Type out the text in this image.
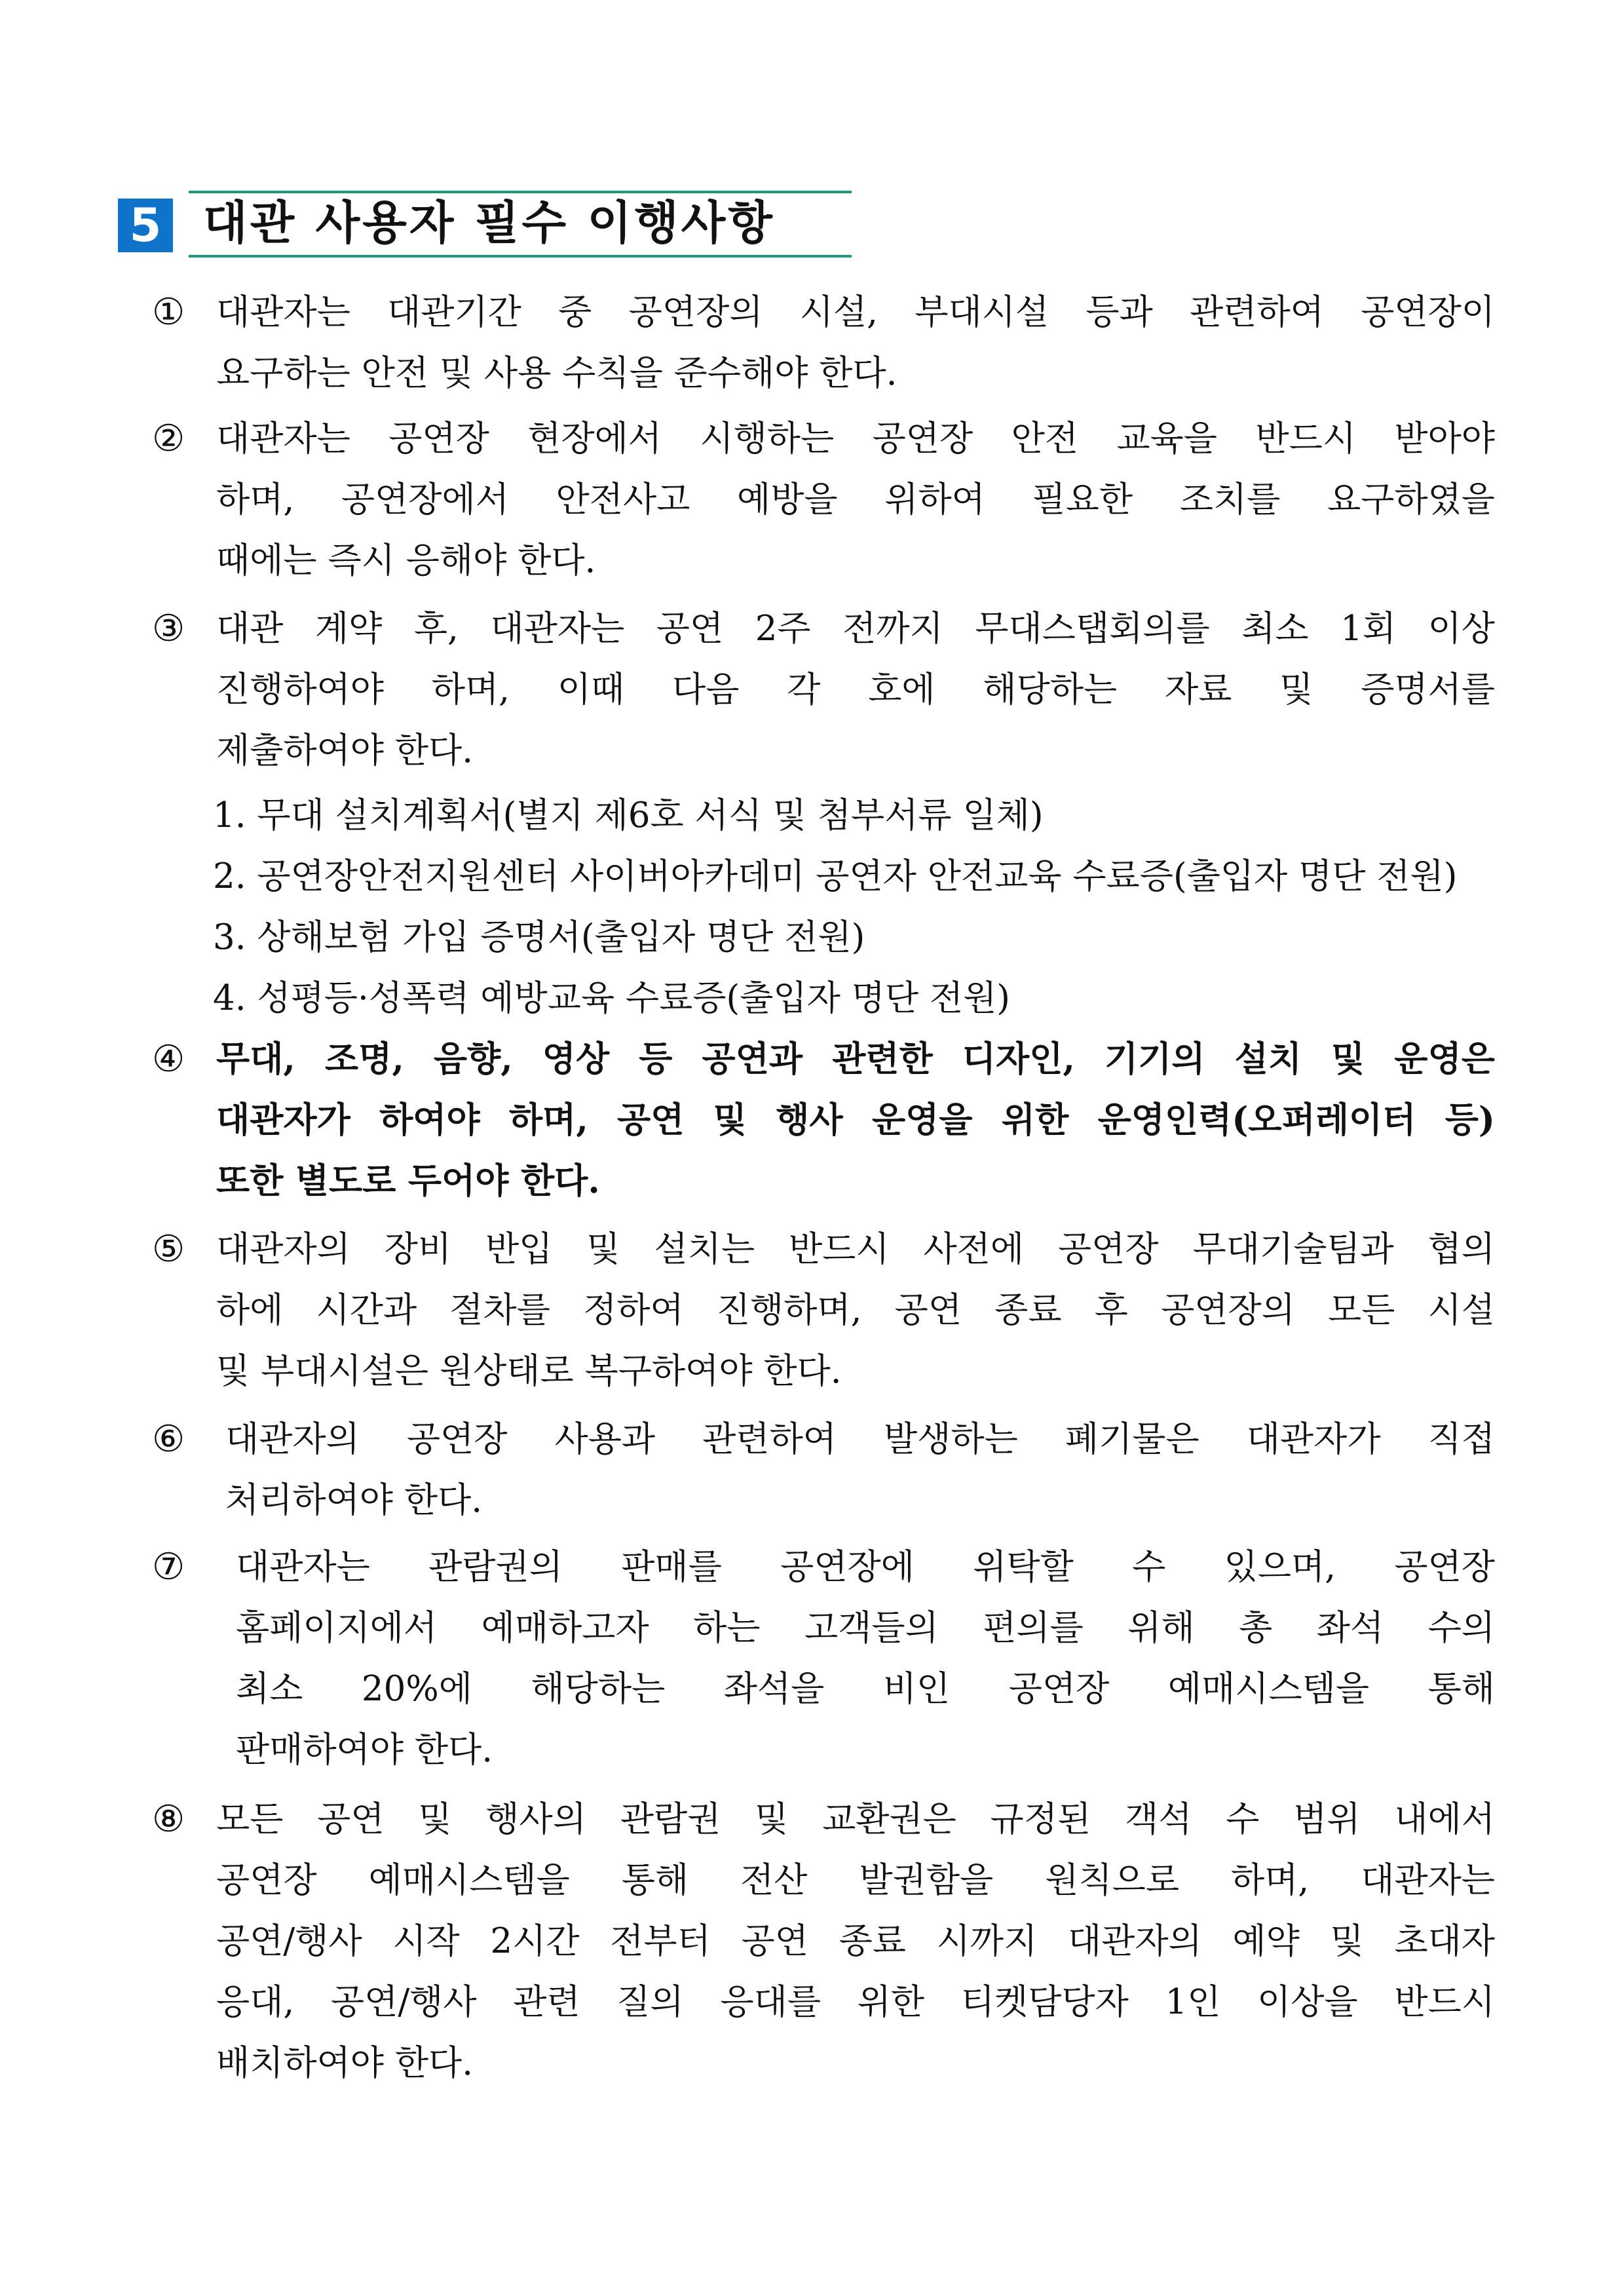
5 대관 사용자 필수 이행사항
① 대관자는 대관기간 중 공연장의 시설, 부대시설 등과 관련하여 공연장이
요구하는 안전 및 사용 수칙을 준수해야 한다.
② 대관자는 공연장 현장에서 시행하는 공연장 안전 교육을 반드시 받아야
하며, 공연장에서 안전사고 예방을 위하여 필요한 조치를 요구하였을
때에는 즉시 응해야 한다.
③ 대관 계약 후, 대관자는 공연 2주 전까지 무대스탭회의를 최소 1회 이상
진행하여야 하며, 이때 다음 각 호에 해당하는 자료 및 증명서를
제출하여야 한다.
1. 무대 설치계획서(별지 제6호 서식 및 첨부서류 일체)
2. 공연장안전지원센터 사이버아카데미 공연자 안전교육 수료증(출입자 명단 전원)
3. 상해보험 가입 증명서(출입자 명단 전원)
4. 성평등·성폭력 예방교육 수료증(출입자 명단 전원)
④ 무대, 조명, 음향, 영상 등 공연과 관련한 디자인, 기기의 설치 및 운영은
대관자가 하여야 하며, 공연 및 행사 운영을 위한 운영인력(오퍼레이터 등)
또한 별도로 두어야 한다.
⑤ 대관자의 장비 반입 및 설치는 반드시 사전에 공연장 무대기술팀과 협의
하에 시간과 절차를 정하여 진행하며, 공연 종료 후 공연장의 모든 시설
및 부대시설은 원상태로 복구하여야 한다.
⑥ 대관자의 공연장 사용과 관련하여 발생하는 폐기물은 대관자가 직접
처리하여야 한다.
⑦ 대관자는 관람권의 판매를 공연장에 위탁할 수 있으며, 공연장
홈페이지에서 예매하고자 하는 고객들의 편의를 위해 총 좌석 수의
최소 20%에 해당하는 좌석을 비인 공연장 예매시스템을 통해
판매하여야 한다.
⑧ 모든 공연 및 행사의 관람권 및 교환권은 규정된 객석 수 범위 내에서
공연장 예매시스템을 통해 전산 발권함을 원칙으로 하며, 대관자는
공연/행사 시작 2시간 전부터 공연 종료 시까지 대관자의 예약 및 초대자
응대, 공연/행사 관련 질의 응대를 위한 티켓담당자 1인 이상을 반드시
배치하여야 한다.
